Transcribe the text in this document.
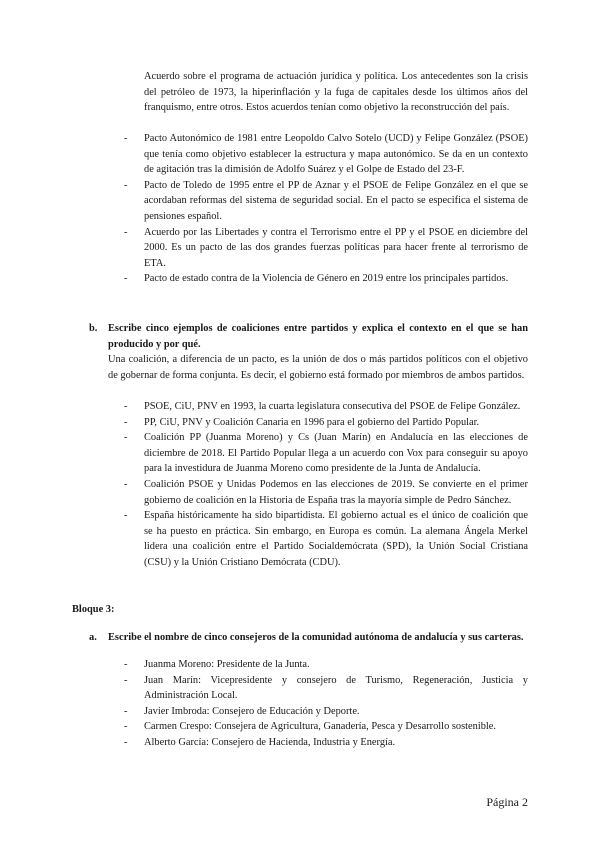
Acuerdo sobre el programa de actuación jurídica y política. Los antecedentes son la crisis del petróleo de 1973, la hiperinflación y la fuga de capitales desde los últimos años del franquismo, entre otros. Estos acuerdos tenían como objetivo la reconstrucción del país.
- Pacto Autonómico de 1981 entre Leopoldo Calvo Sotelo (UCD) y Felipe González (PSOE) que tenía como objetivo establecer la estructura y mapa autonómico. Se da en un contexto de agitación tras la dimisión de Adolfo Suárez y el Golpe de Estado del 23-F.
- Pacto de Toledo de 1995 entre el PP de Aznar y el PSOE de Felipe González en el que se acordaban reformas del sistema de seguridad social. En el pacto se especifica el sistema de pensiones español.
- Acuerdo por las Libertades y contra el Terrorismo entre el PP y el PSOE en diciembre del 2000. Es un pacto de las dos grandes fuerzas políticas para hacer frente al terrorismo de ETA.
- Pacto de estado contra de la Violencia de Género en 2019 entre los principales partidos.
b. Escribe cinco ejemplos de coaliciones entre partidos y explica el contexto en el que se han producido y por qué.
Una coalición, a diferencia de un pacto, es la unión de dos o más partidos políticos con el objetivo de gobernar de forma conjunta. Es decir, el gobierno está formado por miembros de ambos partidos.
- PSOE, CiU, PNV en 1993, la cuarta legislatura consecutiva del PSOE de Felipe González.
- PP, CiU, PNV y Coalición Canaria en 1996 para el gobierno del Partido Popular.
- Coalición PP (Juanma Moreno) y Cs (Juan Marín) en Andalucía en las elecciones de diciembre de 2018. El Partido Popular llega a un acuerdo con Vox para conseguir su apoyo para la investidura de Juanma Moreno como presidente de la Junta de Andalucía.
- Coalición PSOE y Unidas Podemos en las elecciones de 2019. Se convierte en el primer gobierno de coalición en la Historia de España tras la mayoría simple de Pedro Sánchez.
- España históricamente ha sido bipartidista. El gobierno actual es el único de coalición que se ha puesto en práctica. Sin embargo, en Europa es común. La alemana Ángela Merkel lidera una coalición entre el Partido Socialdemócrata (SPD), la Unión Social Cristiana (CSU) y la Unión Cristiano Demócrata (CDU).
Bloque 3:
a. Escribe el nombre de cinco consejeros de la comunidad autónoma de andalucía y sus carteras.
- Juanma Moreno: Presidente de la Junta.
- Juan Marín: Vicepresidente y consejero de Turismo, Regeneración, Justicia y Administración Local.
- Javier Imbroda: Consejero de Educación y Deporte.
- Carmen Crespo: Consejera de Agricultura, Ganadería, Pesca y Desarrollo sostenible.
- Alberto García: Consejero de Hacienda, Industria y Energía.
Página 2
